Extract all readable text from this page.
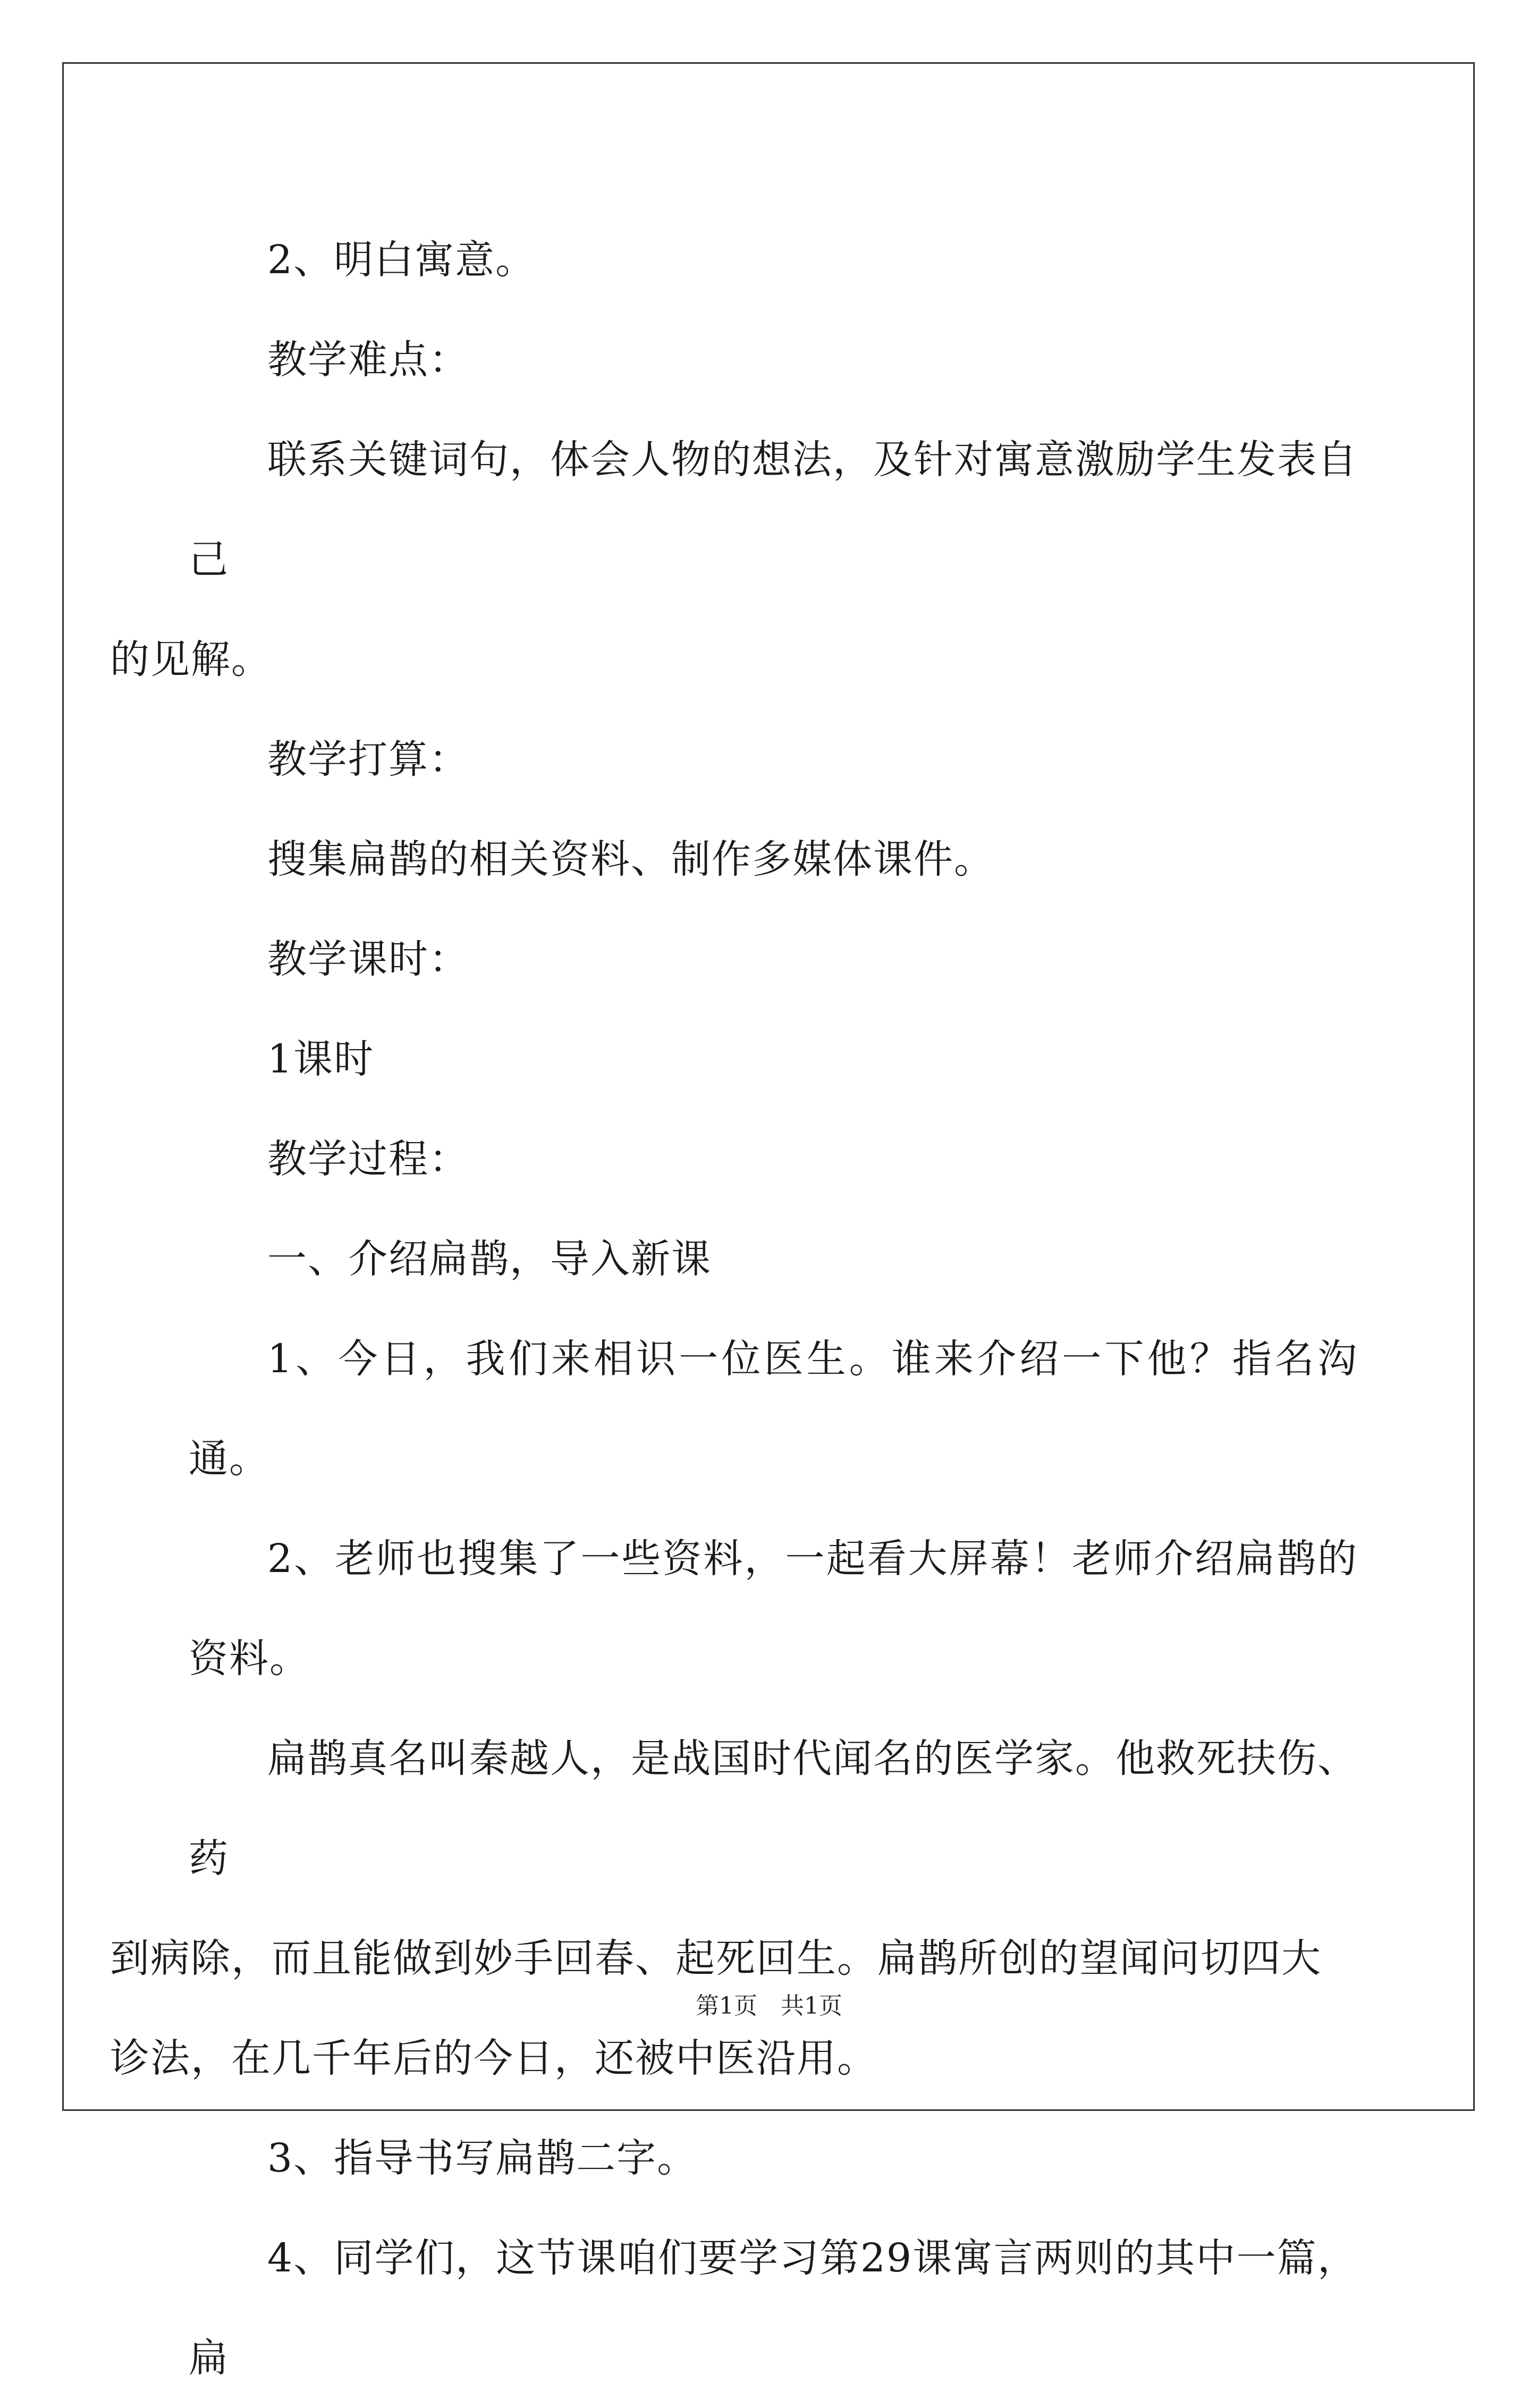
2、明白寓意。

教学难点：

联系关键词句，体会人物的想法，及针对寓意激励学生发表自己

的见解。

教学打算：

搜集扁鹊的相关资料、制作多媒体课件。

教学课时：

1课时

教学过程：

一、介绍扁鹊，导入新课

1、今日，我们来相识一位医生。谁来介绍一下他？指名沟通。

2、老师也搜集了一些资料，一起看大屏幕！老师介绍扁鹊的资料。

扁鹊真名叫秦越人，是战国时代闻名的医学家。他救死扶伤、药

到病除，而且能做到妙手回春、起死回生。扁鹊所创的望闻问切四大

诊法，在几千年后的今日，还被中医沿用。

3、指导书写扁鹊二字。

4、同学们，这节课咱们要学习第29课寓言两则的其中一篇，扁

第1页　共1页
